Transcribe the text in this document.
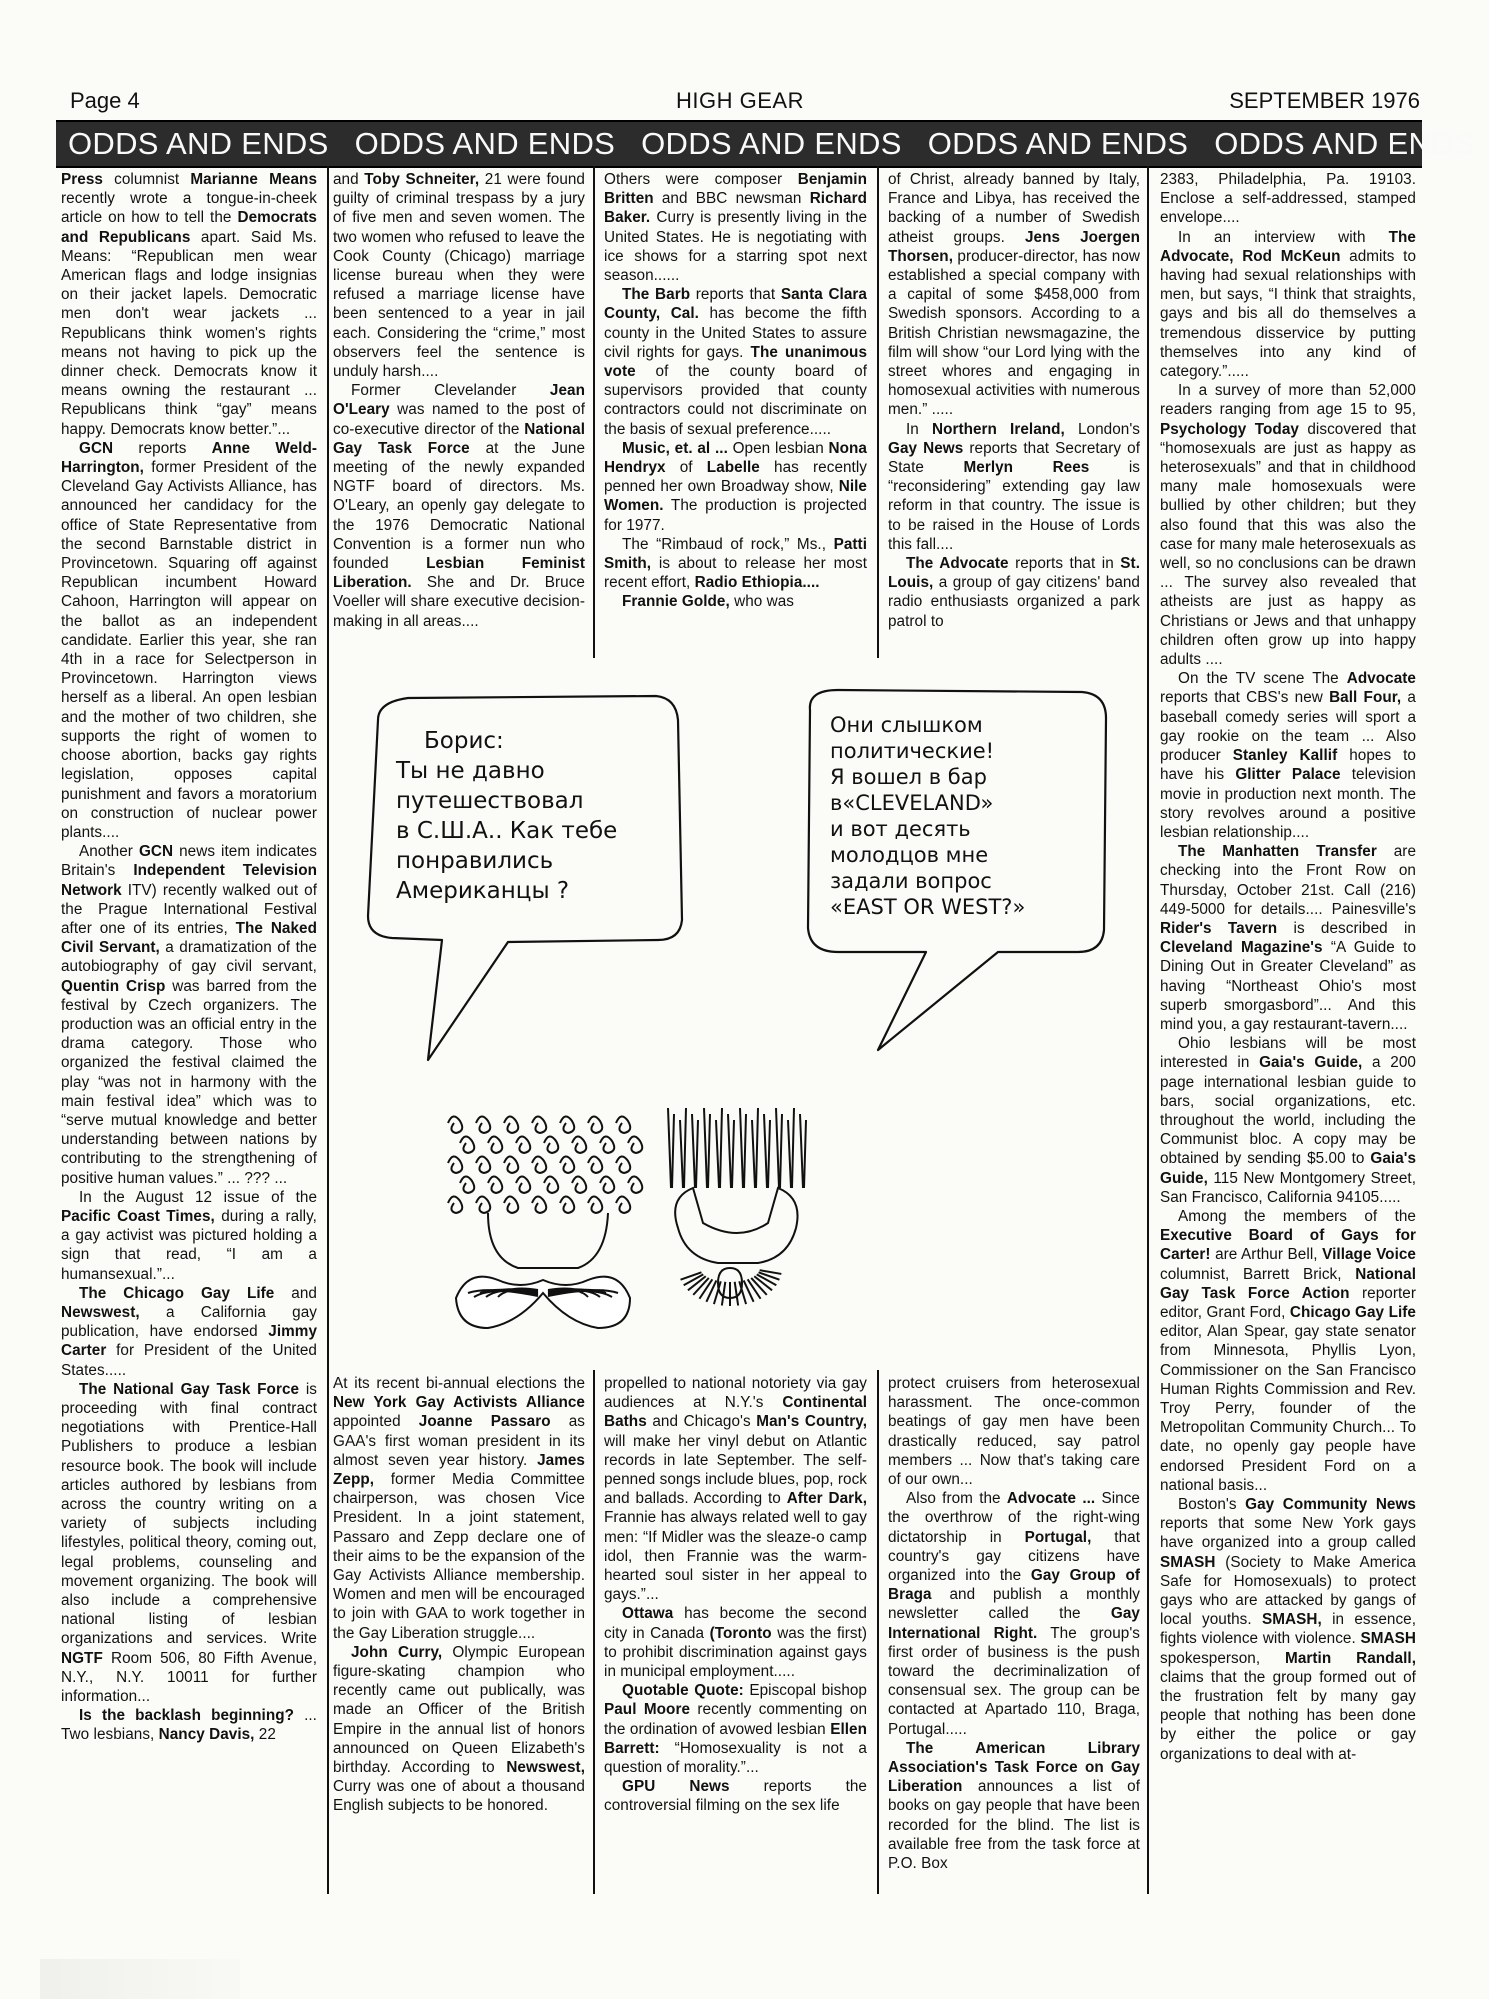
Page 4	HIGH GEAR	SEPTEMBER 1976
ODDS AND ENDS ODDS AND ENDS ODDS AND ENDS ODDS AND ENDS ODDS AND ENDS

Press columnist Marianne Means recently wrote a tongue-in-cheek article on how to tell the Democrats and Republicans apart. Said Ms. Means: “Republican men wear American flags and lodge insignias on their jacket lapels. Democratic men don't wear jackets ... Republicans think women's rights means not having to pick up the dinner check. Democrats know it means owning the restaurant ... Republicans think “gay” means happy. Democrats know better.”...

GCN reports Anne Weld-Harrington, former President of the Cleveland Gay Activists Alliance, has announced her candidacy for the office of State Representative from the second Barnstable district in Provincetown. Squaring off against Republican incumbent Howard Cahoon, Harrington will appear on the ballot as an independent candidate. Earlier this year, she ran 4th in a race for Selectperson in Provincetown. Harrington views herself as a liberal. An open lesbian and the mother of two children, she supports the right of women to choose abortion, backs gay rights legislation, opposes capital punishment and favors a moratorium on construction of nuclear power plants....

Another GCN news item indicates Britain's Independent Television Network ITV) recently walked out of the Prague International Festival after one of its entries, The Naked Civil Servant, a dramatization of the autobiography of gay civil servant, Quentin Crisp was barred from the festival by Czech organizers. The production was an official entry in the drama category. Those who organized the festival claimed the play “was not in harmony with the main festival idea” which was to “serve mutual knowledge and better understanding between nations by contributing to the strengthening of positive human values.” ... ??? ...

In the August 12 issue of the Pacific Coast Times, during a rally, a gay activist was pictured holding a sign that read, “I am a humansexual.”...

The Chicago Gay Life and Newswest, a California gay publication, have endorsed Jimmy Carter for President of the United States.....

The National Gay Task Force is proceeding with final contract negotiations with Prentice-Hall Publishers to produce a lesbian resource book. The book will include articles authored by lesbians from across the country writing on a variety of subjects including lifestyles, political theory, coming out, legal problems, counseling and movement organizing. The book will also include a comprehensive national listing of lesbian organizations and services. Write NGTF Room 506, 80 Fifth Avenue, N.Y., N.Y. 10011 for further information...

Is the backlash beginning? ... Two lesbians, Nancy Davis, 22

and Toby Schneiter, 21 were found guilty of criminal trespass by a jury of five men and seven women. The two women who refused to leave the Cook County (Chicago) marriage license bureau when they were refused a marriage license have been sentenced to a year in jail each. Considering the “crime,” most observers feel the sentence is unduly harsh....

Former Clevelander Jean O'Leary was named to the post of co-executive director of the National Gay Task Force at the June meeting of the newly expanded NGTF board of directors. Ms. O'Leary, an openly gay delegate to the 1976 Democratic National Convention is a former nun who founded Lesbian Feminist Liberation. She and Dr. Bruce Voeller will share executive decision-making in all areas....

Others were composer Benjamin Britten and BBC newsman Richard Baker. Curry is presently living in the United States. He is negotiating with ice shows for a starring spot next season......

The Barb reports that Santa Clara County, Cal. has become the fifth county in the United States to assure civil rights for gays. The unanimous vote of the county board of supervisors provided that county contractors could not discriminate on the basis of sexual preference.....

Music, et. al ... Open lesbian Nona Hendryx of Labelle has recently penned her own Broadway show, Nile Women. The production is projected for 1977.

The “Rimbaud of rock,” Ms., Patti Smith, is about to release her most recent effort, Radio Ethiopia....

Frannie Golde, who was

of Christ, already banned by Italy, France and Libya, has received the backing of a number of Swedish atheist groups. Jens Joergen Thorsen, producer-director, has now established a special company with a capital of some $458,000 from Swedish sponsors. According to a British Christian newsmagazine, the film will show “our Lord lying with the street whores and engaging in homosexual activities with numerous men.” .....

In Northern Ireland, London's Gay News reports that Secretary of State Merlyn Rees is “reconsidering” extending gay law reform in that country. The issue is to be raised in the House of Lords this fall....

The Advocate reports that in St. Louis, a group of gay citizens' band radio enthusiasts organized a park patrol to

2383, Philadelphia, Pa. 19103. Enclose a self-addressed, stamped envelope....

In an interview with The Advocate, Rod McKeun admits to having had sexual relationships with men, but says, “I think that straights, gays and bis all do themselves a tremendous disservice by putting themselves into any kind of category.”.....

In a survey of more than 52,000 readers ranging from age 15 to 95, Psychology Today discovered that “homosexuals are just as happy as heterosexuals” and that in childhood many male homosexuals were bullied by other children; but they also found that this was also the case for many male heterosexuals as well, so no conclusions can be drawn ... The survey also revealed that atheists are just as happy as Christians or Jews and that unhappy children often grow up into happy adults ....

On the TV scene The Advocate reports that CBS's new Ball Four, a baseball comedy series will sport a gay rookie on the team ... Also producer Stanley Kallif hopes to have his Glitter Palace television movie in production next month. The story revolves around a positive lesbian relationship....

The Manhatten Transfer are checking into the Front Row on Thursday, October 21st. Call (216) 449-5000 for details.... Painesville's Rider's Tavern is described in Cleveland Magazine's “A Guide to Dining Out in Greater Cleveland” as having “Northeast Ohio's most superb smorgasbord”... And this mind you, a gay restaurant-tavern....

Ohio lesbians will be most interested in Gaia's Guide, a 200 page international lesbian guide to bars, social organizations, etc. throughout the world, including the Communist bloc. A copy may be obtained by sending $5.00 to Gaia's Guide, 115 New Montgomery Street, San Francisco, California 94105.....

Among the members of the Executive Board of Gays for Carter! are Arthur Bell, Village Voice columnist, Barrett Brick, National Gay Task Force Action reporter editor, Grant Ford, Chicago Gay Life editor, Alan Spear, gay state senator from Minnesota, Phyllis Lyon, Commissioner on the San Francisco Human Rights Commission and Rev. Troy Perry, founder of the Metropolitan Community Church... To date, no openly gay people have endorsed President Ford on a national basis...

Boston's Gay Community News reports that some New York gays have organized into a group called SMASH (Society to Make America Safe for Homosexuals) to protect gays who are attacked by gangs of local youths. SMASH, in essence, fights violence with violence. SMASH spokesperson, Martin Randall, claims that the group formed out of the frustration felt by many gay people that nothing has been done by either the police or gay organizations to deal with at-

At its recent bi-annual elections the New York Gay Activists Alliance appointed Joanne Passaro as GAA's first woman president in its almost seven year history. James Zepp, former Media Committee chairperson, was chosen Vice President. In a joint statement, Passaro and Zepp declare one of their aims to be the expansion of the Gay Activists Alliance membership. Women and men will be encouraged to join with GAA to work together in the Gay Liberation struggle....

John Curry, Olympic European figure-skating champion who recently came out publically, was made an Officer of the British Empire in the annual list of honors announced on Queen Elizabeth's birthday. According to Newswest, Curry was one of about a thousand English subjects to be honored.

propelled to national notoriety via gay audiences at N.Y.'s Continental Baths and Chicago's Man's Country, will make her vinyl debut on Atlantic records in late September. The self-penned songs include blues, pop, rock and ballads. According to After Dark, Frannie has always related well to gay men: “If Midler was the sleaze-o camp idol, then Frannie was the warm-hearted soul sister in her appeal to gays.”...

Ottawa has become the second city in Canada (Toronto was the first) to prohibit discrimination against gays in municipal employment.....

Quotable Quote: Episcopal bishop Paul Moore recently commenting on the ordination of avowed lesbian Ellen Barrett: “Homosexuality is not a question of morality.”...

GPU News reports the controversial filming on the sex life

protect cruisers from heterosexual harassment. The once-common beatings of gay men have been drastically reduced, say patrol members ... Now that's taking care of our own...

Also from the Advocate ... Since the overthrow of the right-wing dictatorship in Portugal, that country's gay citizens have organized into the Gay Group of Braga and publish a monthly newsletter called the Gay International Right. The group's first order of business is the push toward the decriminalization of consensual sex. The group can be contacted at Apartado 110, Braga, Portugal.....

The American Library Association's Task Force on Gay Liberation announces a list of books on gay people that have been recorded for the blind. The list is available free from the task force at P.O. Box

Борис:
Ты не давно
путешествовал
в С.Ш.А.. Как тебе
понравились
Американцы ?
Они слышком
политические!
Я вошел в бар
в«CLEVELAND»
и вот десять
молодцов мне
задали вопрос
«EAST OR WEST?»
